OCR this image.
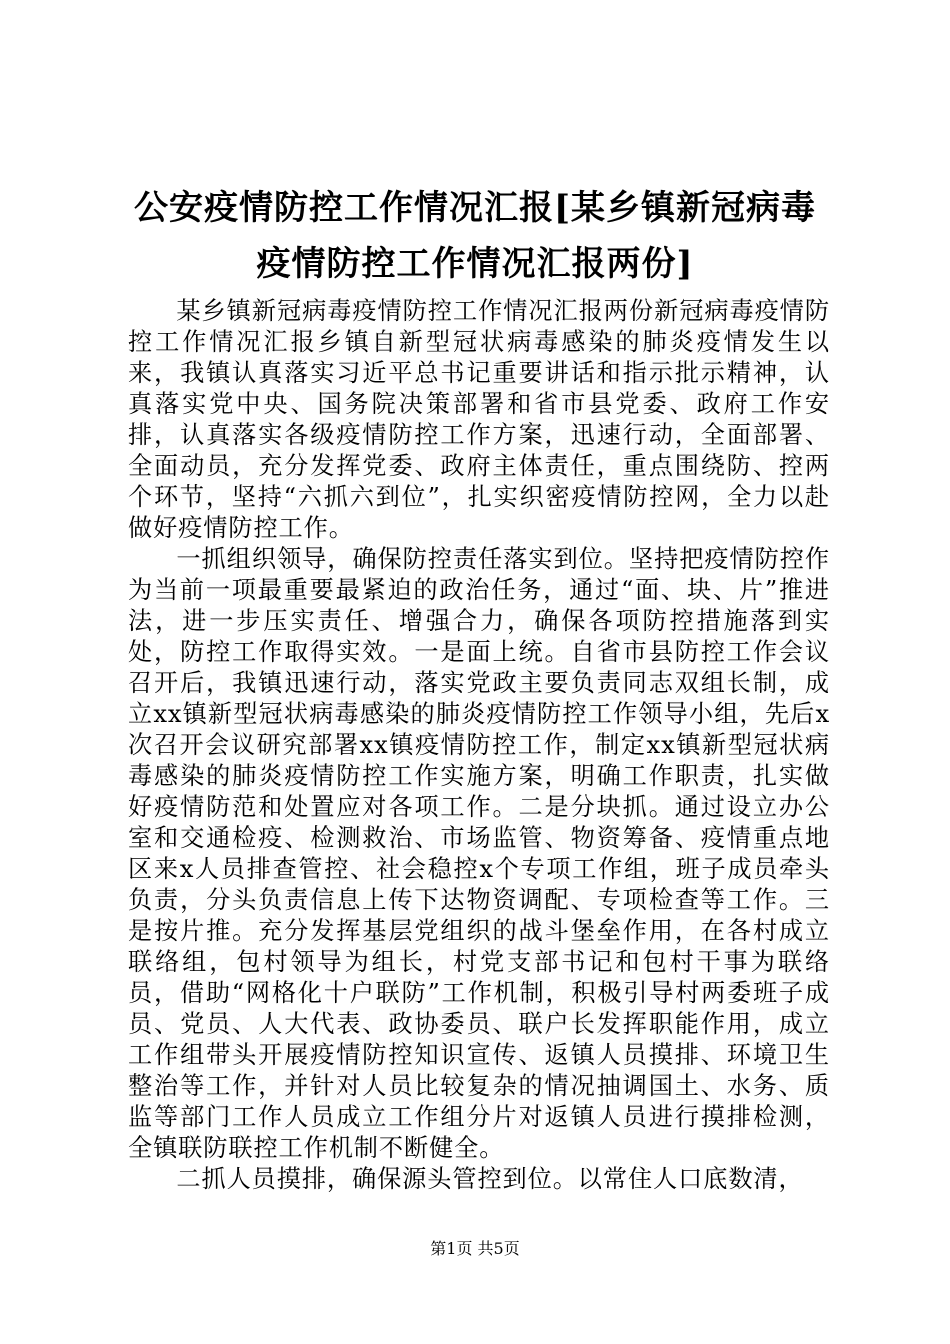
公安疫情防控工作情况汇报[某乡镇新冠病毒
疫情防控工作情况汇报两份]

某乡镇新冠病毒疫情防控工作情况汇报两份新冠病毒疫情防控工作情况汇报乡镇自新型冠状病毒感染的肺炎疫情发生以来，我镇认真落实习近平总书记重要讲话和指示批示精神，认真落实党中央、国务院决策部署和省市县党委、政府工作安排，认真落实各级疫情防控工作方案，迅速行动，全面部署、全面动员，充分发挥党委、政府主体责任，重点围绕防、控两个环节，坚持“六抓六到位”，扎实织密疫情防控网，全力以赴做好疫情防控工作。

一抓组织领导，确保防控责任落实到位。坚持把疫情防控作为当前一项最重要最紧迫的政治任务，通过“面、块、片”推进法，进一步压实责任、增强合力，确保各项防控措施落到实处，防控工作取得实效。一是面上统。自省市县防控工作会议召开后，我镇迅速行动，落实党政主要负责同志双组长制，成立xx镇新型冠状病毒感染的肺炎疫情防控工作领导小组，先后x次召开会议研究部署xx镇疫情防控工作，制定xx镇新型冠状病毒感染的肺炎疫情防控工作实施方案，明确工作职责，扎实做好疫情防范和处置应对各项工作。二是分块抓。通过设立办公室和交通检疫、检测救治、市场监管、物资筹备、疫情重点地区来x人员排查管控、社会稳控x个专项工作组，班子成员牵头负责，分头负责信息上传下达物资调配、专项检查等工作。三是按片推。充分发挥基层党组织的战斗堡垒作用，在各村成立联络组，包村领导为组长，村党支部书记和包村干事为联络员，借助“网格化十户联防”工作机制，积极引导村两委班子成员、党员、人大代表、政协委员、联户长发挥职能作用，成立工作组带头开展疫情防控知识宣传、返镇人员摸排、环境卫生整治等工作，并针对人员比较复杂的情况抽调国土、水务、质监等部门工作人员成立工作组分片对返镇人员进行摸排检测，全镇联防联控工作机制不断健全。

二抓人员摸排，确保源头管控到位。以常住人口底数清，

第1页 共5页
